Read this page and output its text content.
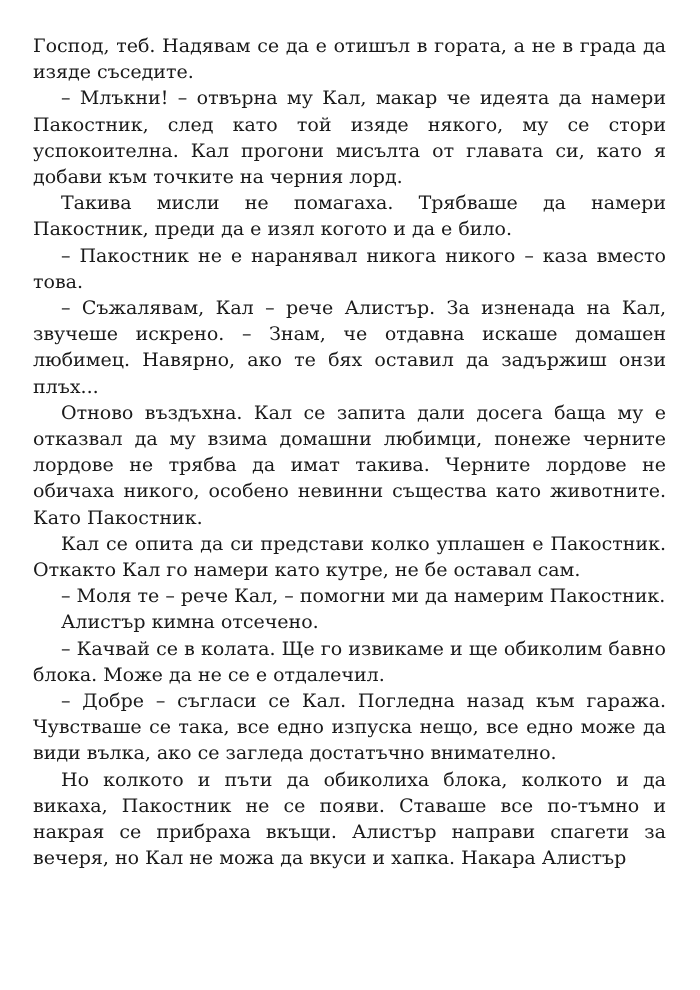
Господ, теб. Надявам се да е отишъл в гората, а не в града да изяде съседите.

– Млъкни! – отвърна му Кал, макар че идеята да намери Пакостник, след като той изяде някого, му се стори успокоителна. Кал прогони мисълта от главата си, като я добави към точките на черния лорд.

Такива мисли не помагаха. Трябваше да намери Пакостник, преди да е изял когото и да е било.

– Пакостник не е наранявал никога никого – каза вместо това.

– Съжалявам, Кал – рече Алистър. За изненада на Кал, звучеше искрено. – Знам, че отдавна искаше домашен любимец. Навярно, ако те бях оставил да задържиш онзи плъх...

Отново въздъхна. Кал се запита дали досега баща му е отказвал да му взима домашни любимци, понеже черните лордове не трябва да имат такива. Черните лордове не обичаха никого, особено невинни същества като животните. Като Пакостник.

Кал се опита да си представи колко уплашен е Пакостник. Откакто Кал го намери като кутре, не бе оставал сам.

– Моля те – рече Кал, – помогни ми да намерим Пакостник.

Алистър кимна отсечено.

– Качвай се в колата. Ще го извикаме и ще обиколим бавно блока. Може да не се е отдалечил.

– Добре – съгласи се Кал. Погледна назад към гаража. Чувстваше се така, все едно изпуска нещо, все едно може да види вълка, ако се загледа достатъчно внимателно.

Но колкото и пъти да обиколиха блока, колкото и да викаха, Пакостник не се появи. Ставаше все по-тъмно и накрая се прибраха вкъщи. Алистър направи спагети за вечеря, но Кал не можа да вкуси и хапка. Накара Алистър
